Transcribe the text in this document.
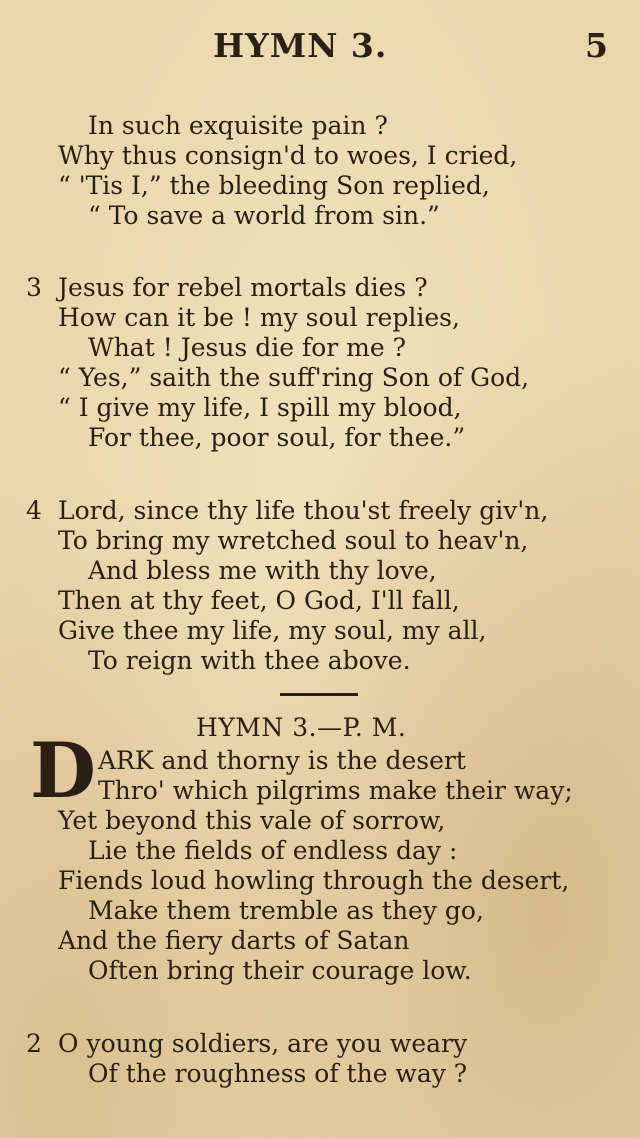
HYMN 3.	5
In such exquisite pain ?
Why thus consign'd to woes, I cried,
“ 'Tis I,” the bleeding Son replied,
“ To save a world from sin.”
3 Jesus for rebel mortals dies ?
How can it be ! my soul replies,
What ! Jesus die for me ?
“ Yes,” saith the suff'ring Son of God,
“ I give my life, I spill my blood,
For thee, poor soul, for thee.”
4 Lord, since thy life thou'st freely giv'n,
To bring my wretched soul to heav'n,
And bless me with thy love,
Then at thy feet, O God, I'll fall,
Give thee my life, my soul, my all,
To reign with thee above.
HYMN 3.—P. M.
D ARK and thorny is the desert
Thro' which pilgrims make their way;
Yet beyond this vale of sorrow,
Lie the fields of endless day :
Fiends loud howling through the desert,
Make them tremble as they go,
And the fiery darts of Satan
Often bring their courage low.
2 O young soldiers, are you weary
Of the roughness of the way ?
